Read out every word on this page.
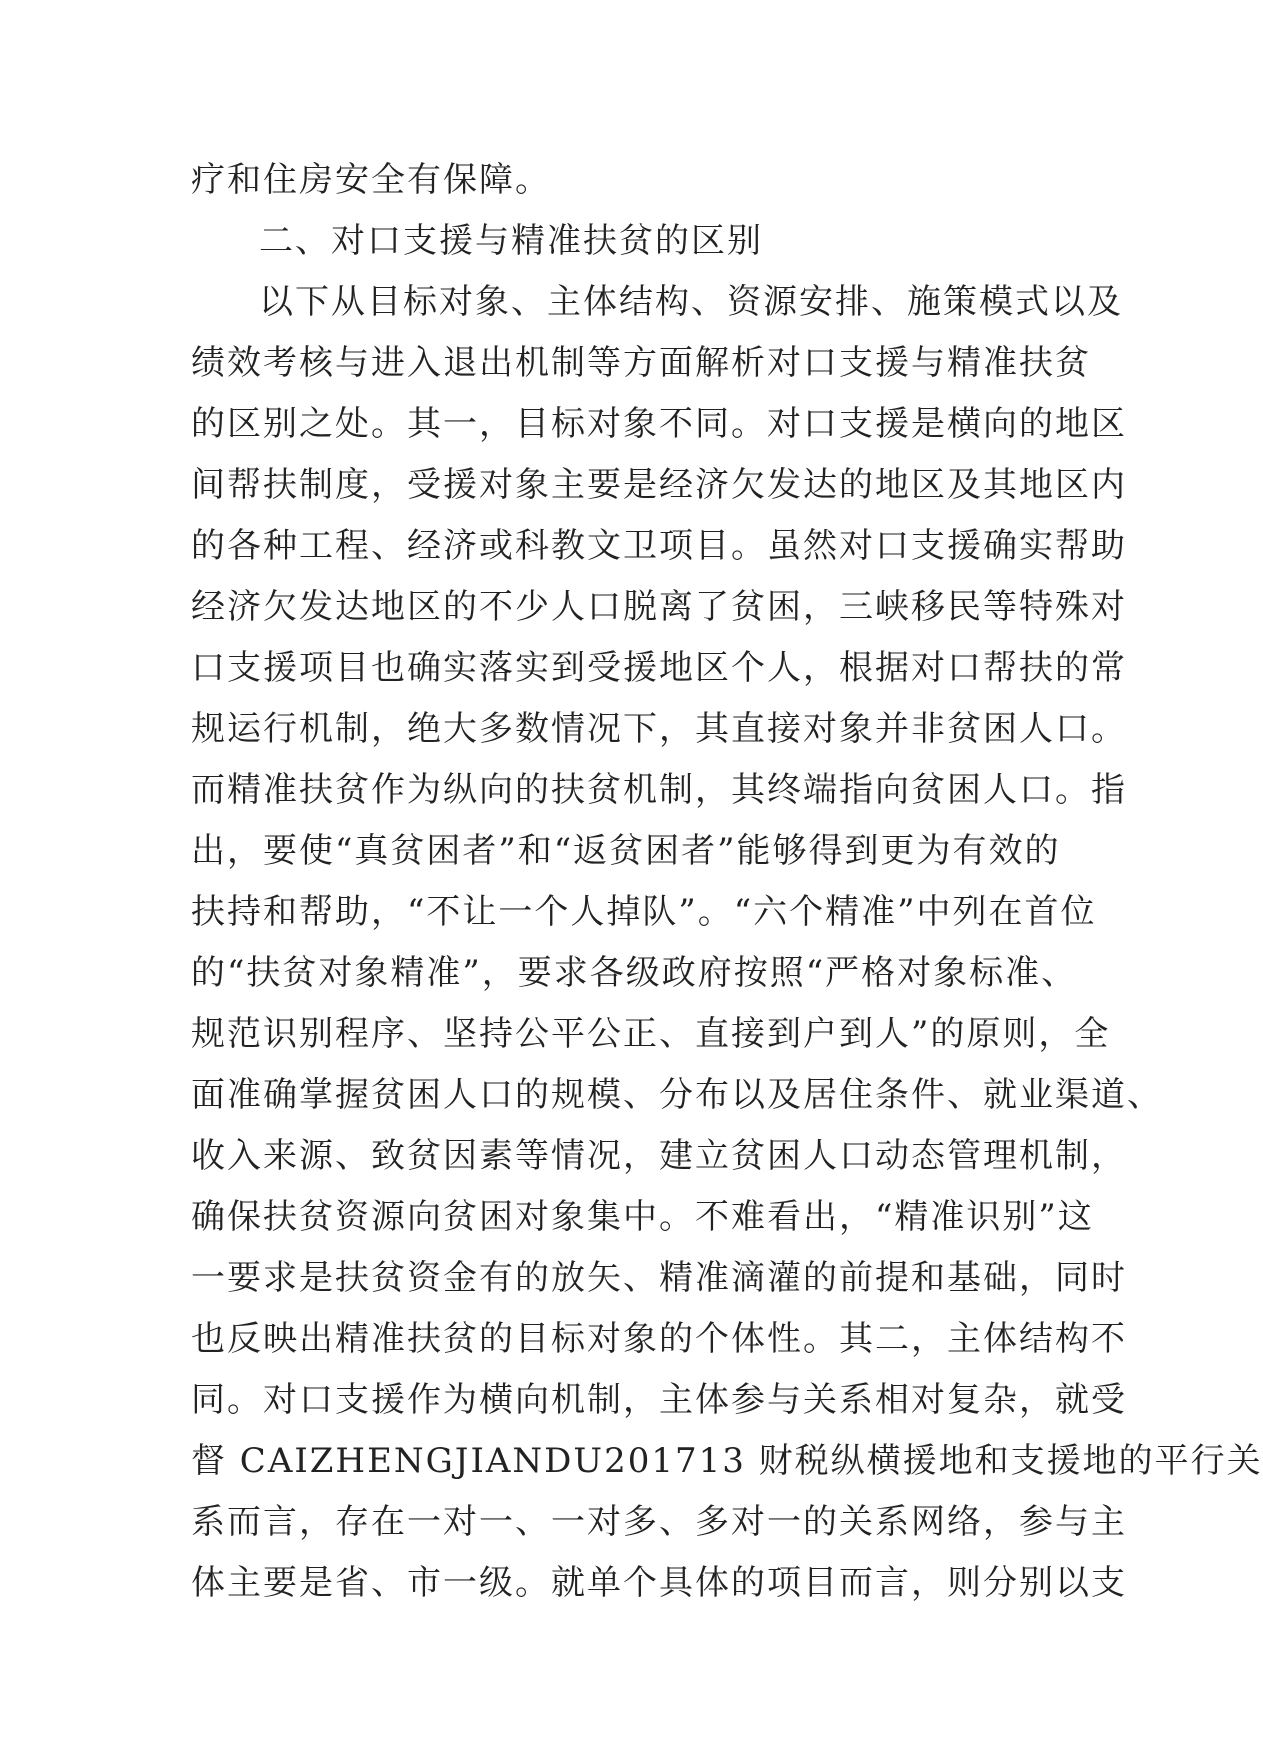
疗和住房安全有保障。
二、对口支援与精准扶贫的区别
以下从目标对象、主体结构、资源安排、施策模式以及
绩效考核与进入退出机制等方面解析对口支援与精准扶贫
的区别之处。其一，目标对象不同。对口支援是横向的地区
间帮扶制度，受援对象主要是经济欠发达的地区及其地区内
的各种工程、经济或科教文卫项目。虽然对口支援确实帮助
经济欠发达地区的不少人口脱离了贫困，三峡移民等特殊对
口支援项目也确实落实到受援地区个人，根据对口帮扶的常
规运行机制，绝大多数情况下，其直接对象并非贫困人口。
而精准扶贫作为纵向的扶贫机制，其终端指向贫困人口。指
出，要使“真贫困者”和“返贫困者”能够得到更为有效的
扶持和帮助，“不让一个人掉队”。“六个精准”中列在首位
的“扶贫对象精准”，要求各级政府按照“严格对象标准、
规范识别程序、坚持公平公正、直接到户到人”的原则，全
面准确掌握贫困人口的规模、分布以及居住条件、就业渠道、
收入来源、致贫因素等情况，建立贫困人口动态管理机制，
确保扶贫资源向贫困对象集中。不难看出，“精准识别”这
一要求是扶贫资金有的放矢、精准滴灌的前提和基础，同时
也反映出精准扶贫的目标对象的个体性。其二，主体结构不
同。对口支援作为横向机制，主体参与关系相对复杂，就受
督 CAIZHENGJIANDU201713 财税纵横援地和支援地的平行关
系而言，存在一对一、一对多、多对一的关系网络，参与主
体主要是省、市一级。就单个具体的项目而言，则分别以支
